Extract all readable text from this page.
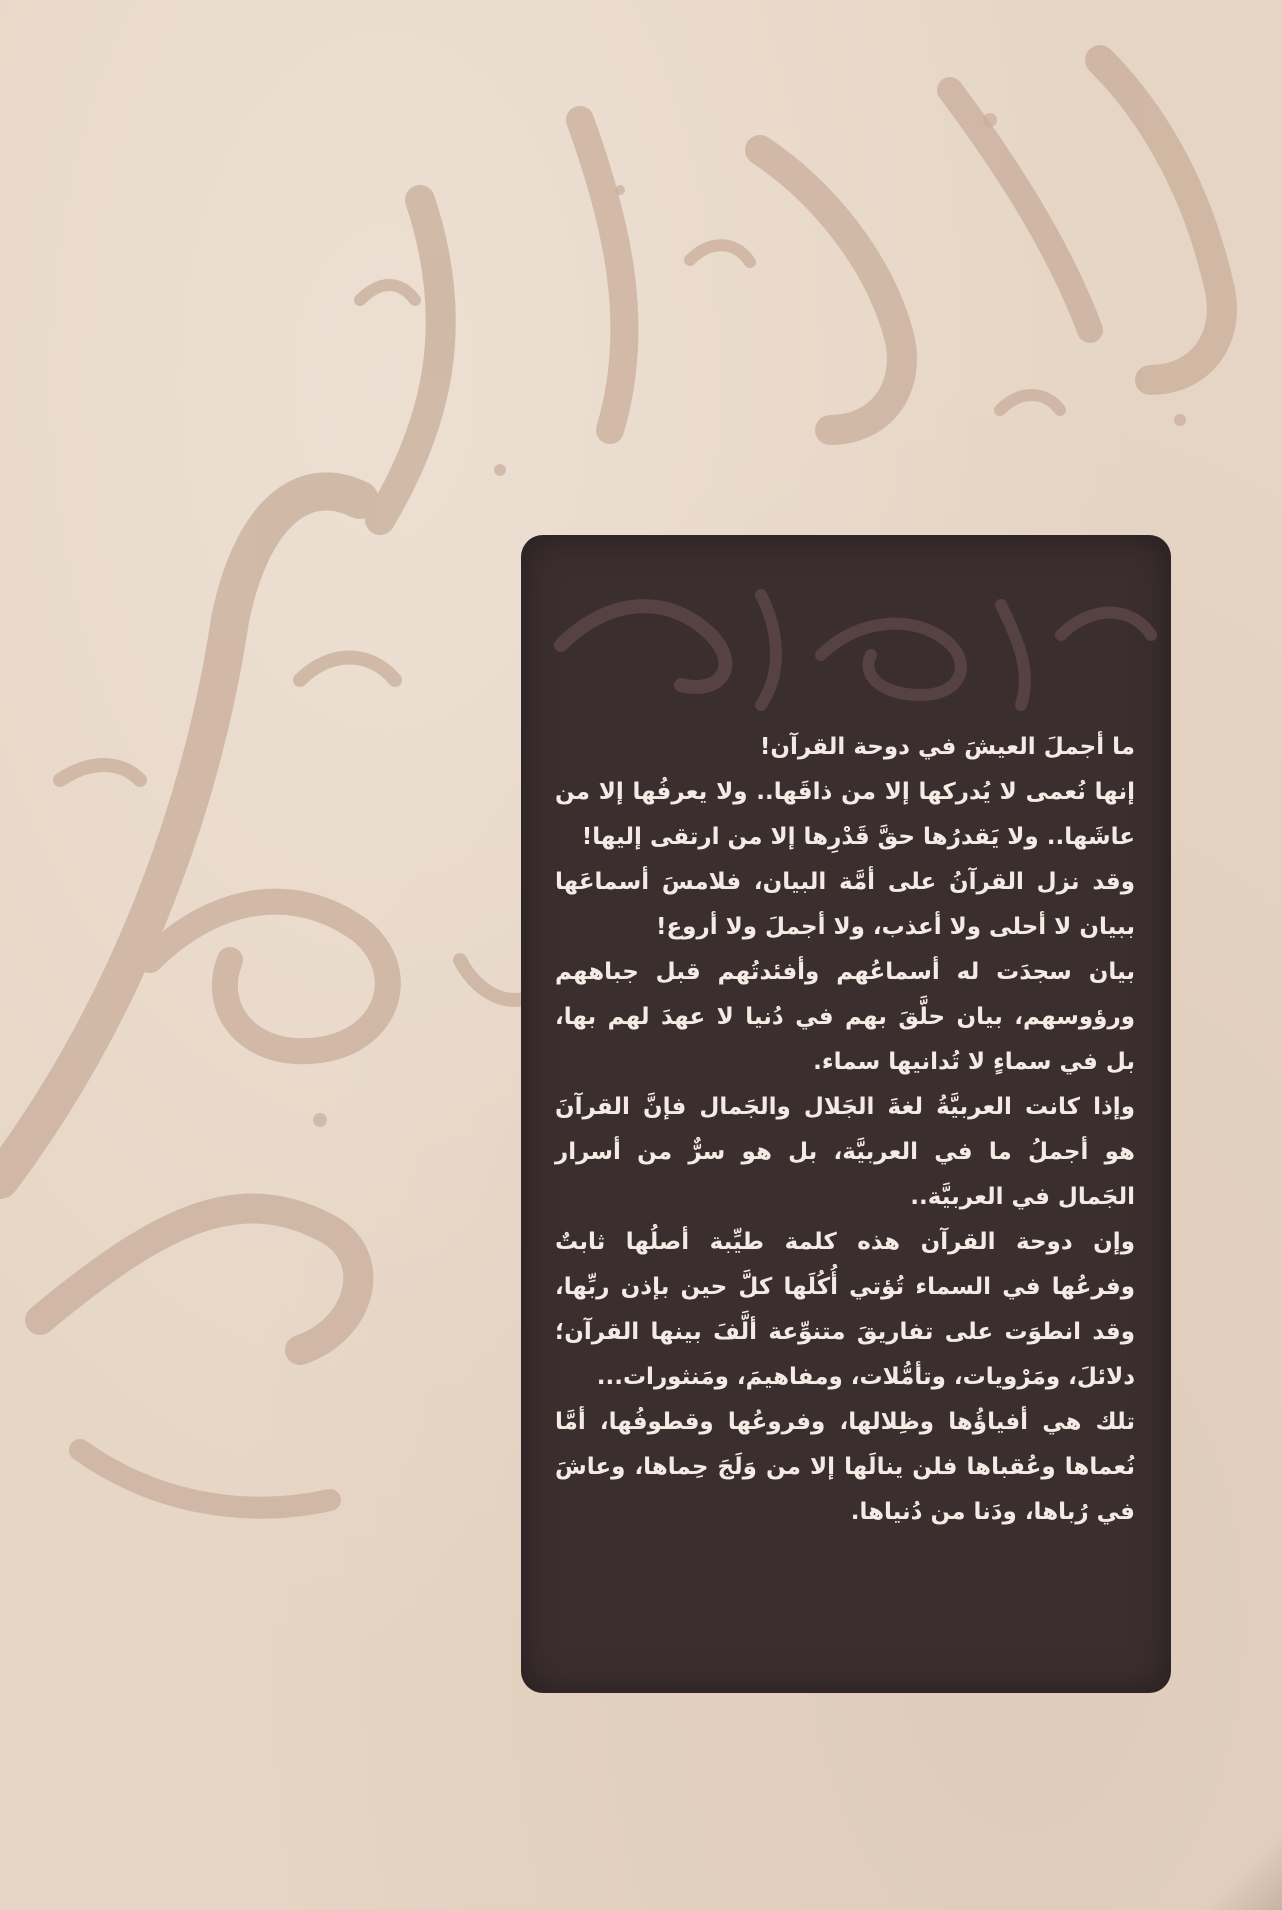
ما أجملَ العيشَ في دوحة القرآن!

إنها نُعمى لا يُدركها إلا من ذاقَها.. ولا يعرفُها إلا من عاشَها.. ولا يَقدرُها حقَّ قَدْرِها إلا من ارتقى إليها!

وقد نزل القرآنُ على أمَّة البيان، فلامسَ أسماعَها ببيان لا أحلى ولا أعذب، ولا أجملَ ولا أروع!

بيان سجدَت له أسماعُهم وأفئدتُهم قبل جباههم ورؤوسهم، بيان حلَّقَ بهم في دُنيا لا عهدَ لهم بها، بل في سماءٍ لا تُدانيها سماء.

وإذا كانت العربيَّةُ لغةَ الجَلال والجَمال فإنَّ القرآنَ هو أجملُ ما في العربيَّة، بل هو سرٌّ من أسرار الجَمال في العربيَّة..

وإن دوحة القرآن هذه كلمة طيِّبة أصلُها ثابتٌ وفرعُها في السماء تُؤتي أُكُلَها كلَّ حين بإذن ربِّها، وقد انطوَت على تفاريقَ متنوِّعة ألَّفَ بينها القرآن؛ دلائلَ، ومَرْويات، وتأمُّلات، ومفاهيمَ، ومَنثورات...

تلك هي أفياؤُها وظِلالها، وفروعُها وقطوفُها، أمَّا نُعماها وعُقباها فلن ينالَها إلا من وَلَجَ حِماها، وعاشَ في رُباها، ودَنا من دُنياها.
